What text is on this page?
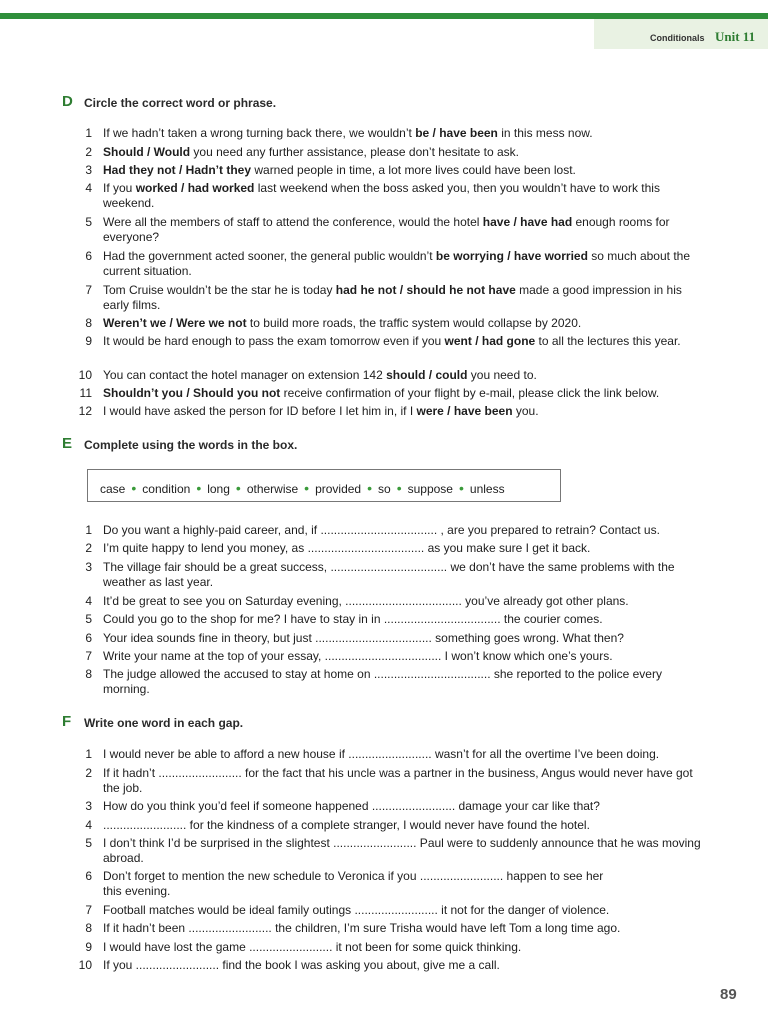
Conditionals Unit 11
D Circle the correct word or phrase.
1 If we hadn’t taken a wrong turning back there, we wouldn’t be / have been in this mess now.
2 Should / Would you need any further assistance, please don’t hesitate to ask.
3 Had they not / Hadn’t they warned people in time, a lot more lives could have been lost.
4 If you worked / had worked last weekend when the boss asked you, then you wouldn’t have to work this weekend.
5 Were all the members of staff to attend the conference, would the hotel have / have had enough rooms for everyone?
6 Had the government acted sooner, the general public wouldn’t be worrying / have worried so much about the current situation.
7 Tom Cruise wouldn’t be the star he is today had he not / should he not have made a good impression in his early films.
8 Weren’t we / Were we not to build more roads, the traffic system would collapse by 2020.
9 It would be hard enough to pass the exam tomorrow even if you went / had gone to all the lectures this year.
10 You can contact the hotel manager on extension 142 should / could you need to.
11 Shouldn’t you / Should you not receive confirmation of your flight by e-mail, please click the link below.
12 I would have asked the person for ID before I let him in, if I were / have been you.
E Complete using the words in the box.
case • condition • long • otherwise • provided • so • suppose • unless
1 Do you want a highly-paid career, and, if ................................... , are you prepared to retrain? Contact us.
2 I’m quite happy to lend you money, as ................................... as you make sure I get it back.
3 The village fair should be a great success, ................................... we don’t have the same problems with the weather as last year.
4 It’d be great to see you on Saturday evening, ................................... you’ve already got other plans.
5 Could you go to the shop for me? I have to stay in in ................................... the courier comes.
6 Your idea sounds fine in theory, but just ................................... something goes wrong. What then?
7 Write your name at the top of your essay, ................................... I won’t know which one’s yours.
8 The judge allowed the accused to stay at home on ................................... she reported to the police every morning.
F Write one word in each gap.
1 I would never be able to afford a new house if ......................... wasn’t for all the overtime I’ve been doing.
2 If it hadn’t ......................... for the fact that his uncle was a partner in the business, Angus would never have got the job.
3 How do you think you’d feel if someone happened ......................... damage your car like that?
4 ......................... for the kindness of a complete stranger, I would never have found the hotel.
5 I don’t think I’d be surprised in the slightest ......................... Paul were to suddenly announce that he was moving abroad.
6 Don’t forget to mention the new schedule to Veronica if you ......................... happen to see her
this evening.
7 Football matches would be ideal family outings ......................... it not for the danger of violence.
8 If it hadn’t been ......................... the children, I’m sure Trisha would have left Tom a long time ago.
9 I would have lost the game ......................... it not been for some quick thinking.
10 If you ......................... find the book I was asking you about, give me a call.
89
